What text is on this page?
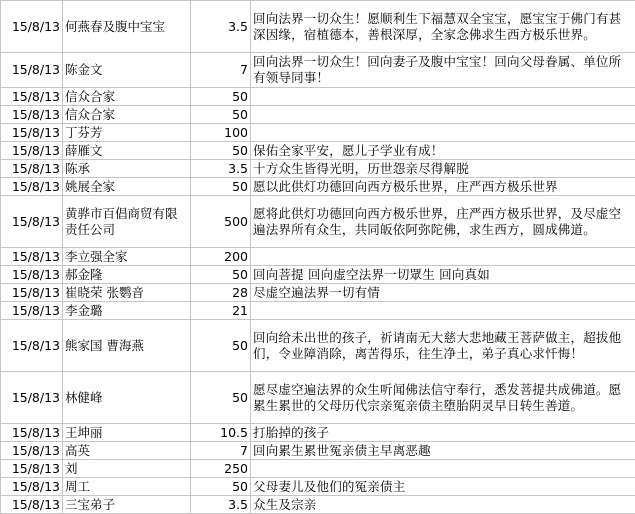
15/8/13	何燕春及腹中宝宝	3.5	回向法界一切众生！愿顺利生下福慧双全宝宝，愿宝宝于佛门有甚深因缘，宿植德本，善根深厚，全家念佛求生西方极乐世界。
15/8/13	陈金文	7	回向法界一切众生！回向妻子及腹中宝宝！回向父母眷属、单位所有领导同事！
15/8/13	信众合家	50	
15/8/13	信众合家	50	
15/8/13	丁芬芳	100	
15/8/13	薛雁文	50	保佑全家平安，愿儿子学业有成！
15/8/13	陈承	3.5	十方众生皆得光明，历世怨亲尽得解脱
15/8/13	姚展全家	50	愿以此供灯功德回向西方极乐世界，庄严西方极乐世界
15/8/13	黄骅市百倡商贸有限责任公司	500	愿将此供灯功德回向西方极乐世界，庄严西方极乐世界，及尽虚空遍法界所有众生，共同皈依阿弥陀佛，求生西方，圆成佛道。
15/8/13	李立强全家	200	
15/8/13	郝金隆	50	回向菩提 回向虚空法界一切眾生 回向真如
15/8/13	崔晓荣 张鹦音	28	尽虚空遍法界一切有情
15/8/13	李金璐	21	
15/8/13	熊家国 曹海燕	50	回向给未出世的孩子，祈请南无大慈大悲地藏王菩萨做主，超拔他们，令业障消除，离苦得乐，往生净土，弟子真心求忏悔！
15/8/13	林健峰	50	愿尽虚空遍法界的众生听闻佛法信守奉行，悉发菩提共成佛道。愿累生累世的父母历代宗亲冤亲债主堕胎阴灵早日转生善道。
15/8/13	王坤丽	10.5	打胎掉的孩子
15/8/13	高英	7	回向累生累世冤亲债主早离恶趣
15/8/13	刘	250	
15/8/13	周工	50	父母妻儿及他们的冤亲债主
15/8/13	三宝弟子	3.5	众生及宗亲
